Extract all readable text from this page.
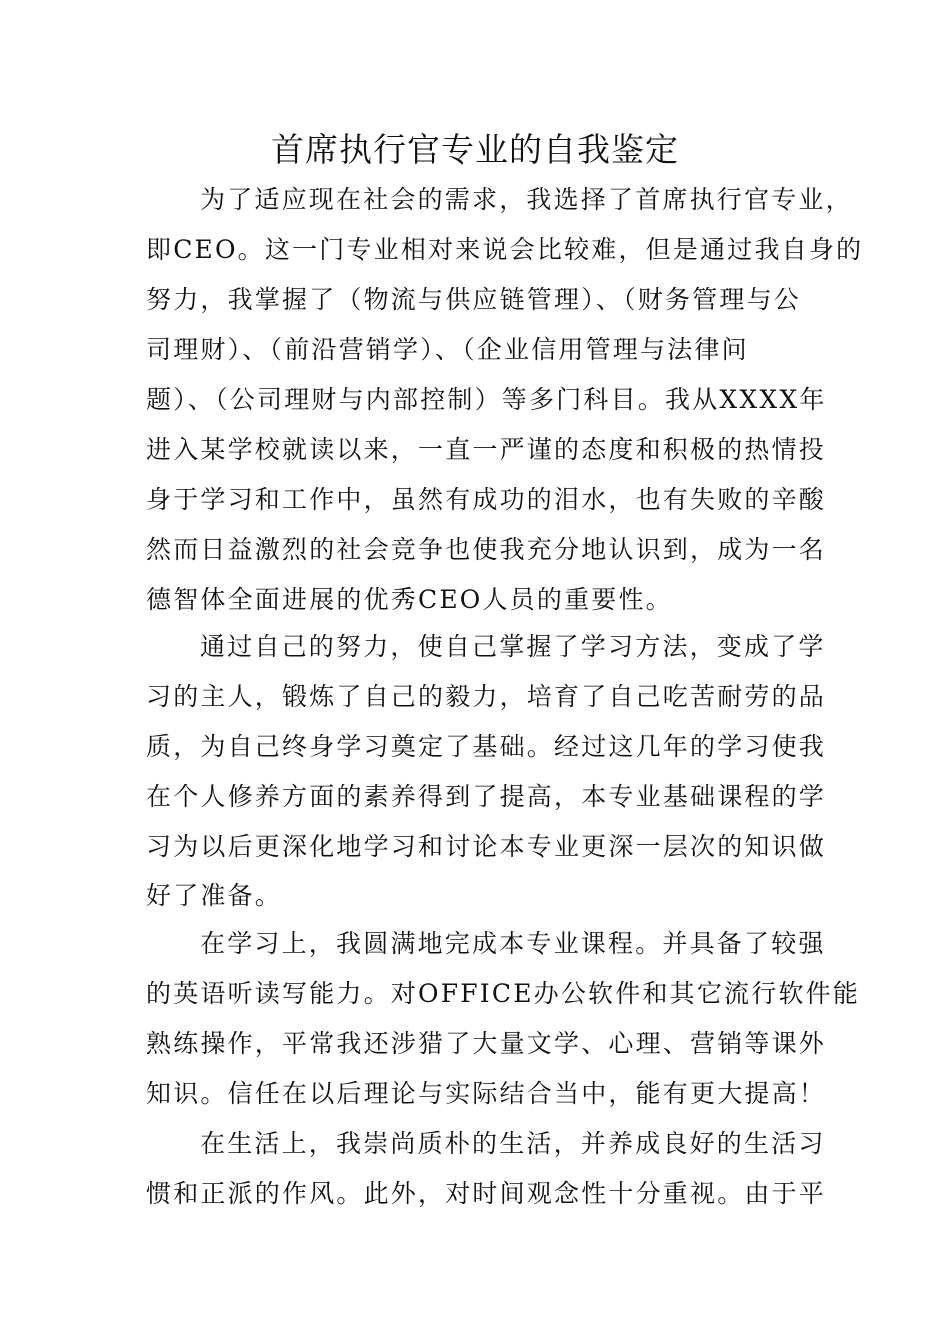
首席执行官专业的自我鉴定
为了适应现在社会的需求，我选择了首席执行官专业，
即CEO。这一门专业相对来说会比较难，但是通过我自身的
努力，我掌握了（物流与供应链管理）、（财务管理与公
司理财）、（前沿营销学）、（企业信用管理与法律问
题）、（公司理财与内部控制）等多门科目。我从XXXX年
进入某学校就读以来，一直一严谨的态度和积极的热情投
身于学习和工作中，虽然有成功的泪水，也有失败的辛酸
然而日益激烈的社会竞争也使我充分地认识到，成为一名
德智体全面进展的优秀CEO人员的重要性。
通过自己的努力，使自己掌握了学习方法，变成了学
习的主人，锻炼了自己的毅力，培育了自己吃苦耐劳的品
质，为自己终身学习奠定了基础。经过这几年的学习使我
在个人修养方面的素养得到了提高，本专业基础课程的学
习为以后更深化地学习和讨论本专业更深一层次的知识做
好了准备。
在学习上，我圆满地完成本专业课程。并具备了较强
的英语听读写能力。对OFFICE办公软件和其它流行软件能
熟练操作，平常我还涉猎了大量文学、心理、营销等课外
知识。信任在以后理论与实际结合当中，能有更大提高！
在生活上，我崇尚质朴的生活，并养成良好的生活习
惯和正派的作风。此外，对时间观念性十分重视。由于平
